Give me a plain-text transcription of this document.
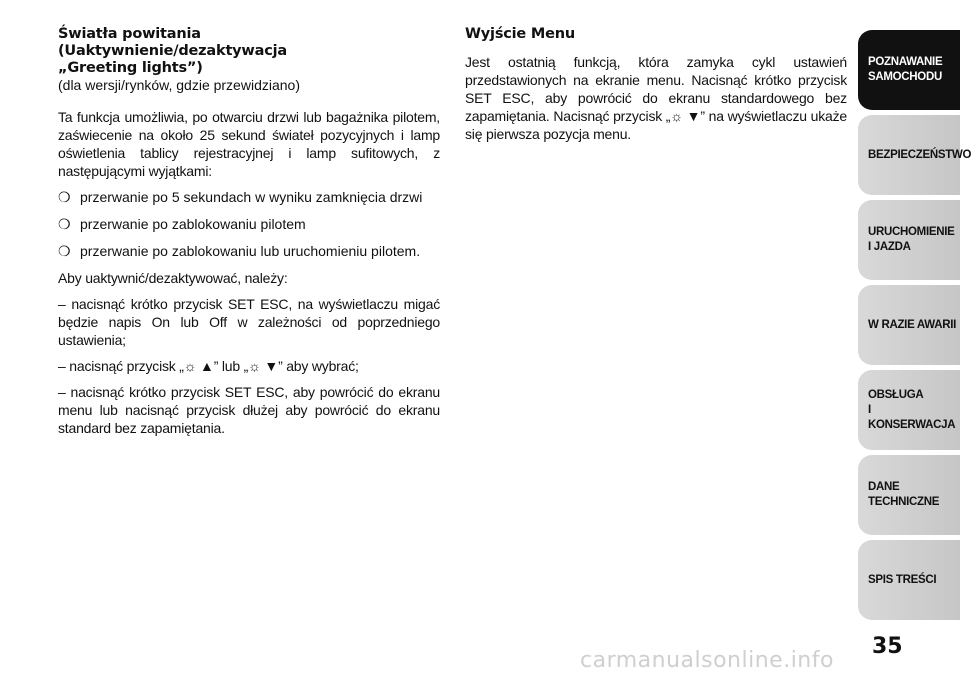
Światła powitania
(Uaktywnienie/dezaktywacja
„Greeting lights”)
(dla wersji/rynków, gdzie przewidziano)

Ta funkcja umożliwia, po otwarciu drzwi lub bagażnika pilotem, zaświecenie na około 25 sekund świateł pozycyjnych i lamp oświetlenia tablicy rejestracyjnej i lamp sufitowych, z następującymi wyjątkami:

❍ przerwanie po 5 sekundach w wyniku zamknięcia drzwi
❍ przerwanie po zablokowaniu pilotem
❍ przerwanie po zablokowaniu lub uruchomieniu pilotem.

Aby uaktywnić/dezaktywować, należy:

– nacisnąć krótko przycisk SET ESC, na wyświetlaczu migać będzie napis On lub Off w zależności od poprzedniego ustawienia;

– nacisnąć przycisk „☼ ▲” lub „☼ ▼” aby wybrać;

– nacisnąć krótko przycisk SET ESC, aby powrócić do ekranu menu lub nacisnąć przycisk dłużej aby powrócić do ekranu standard bez zapamiętania.

Wyjście Menu

Jest ostatnią funkcją, która zamyka cykl ustawień przedstawionych na ekranie menu. Nacisnąć krótko przycisk SET ESC, aby powrócić do ekranu standardowego bez zapamiętania. Nacisnąć przycisk „☼ ▼” na wyświetlaczu ukaże się pierwsza pozycja menu.

POZNAWANIE
SAMOCHODU
BEZPIECZEŃSTWO
URUCHOMIENIE
I JAZDA
W RAZIE AWARII
OBSŁUGA
I KONSERWACJA
DANE
TECHNICZNE
SPIS TREŚCI
35
carmanualsonline.info
